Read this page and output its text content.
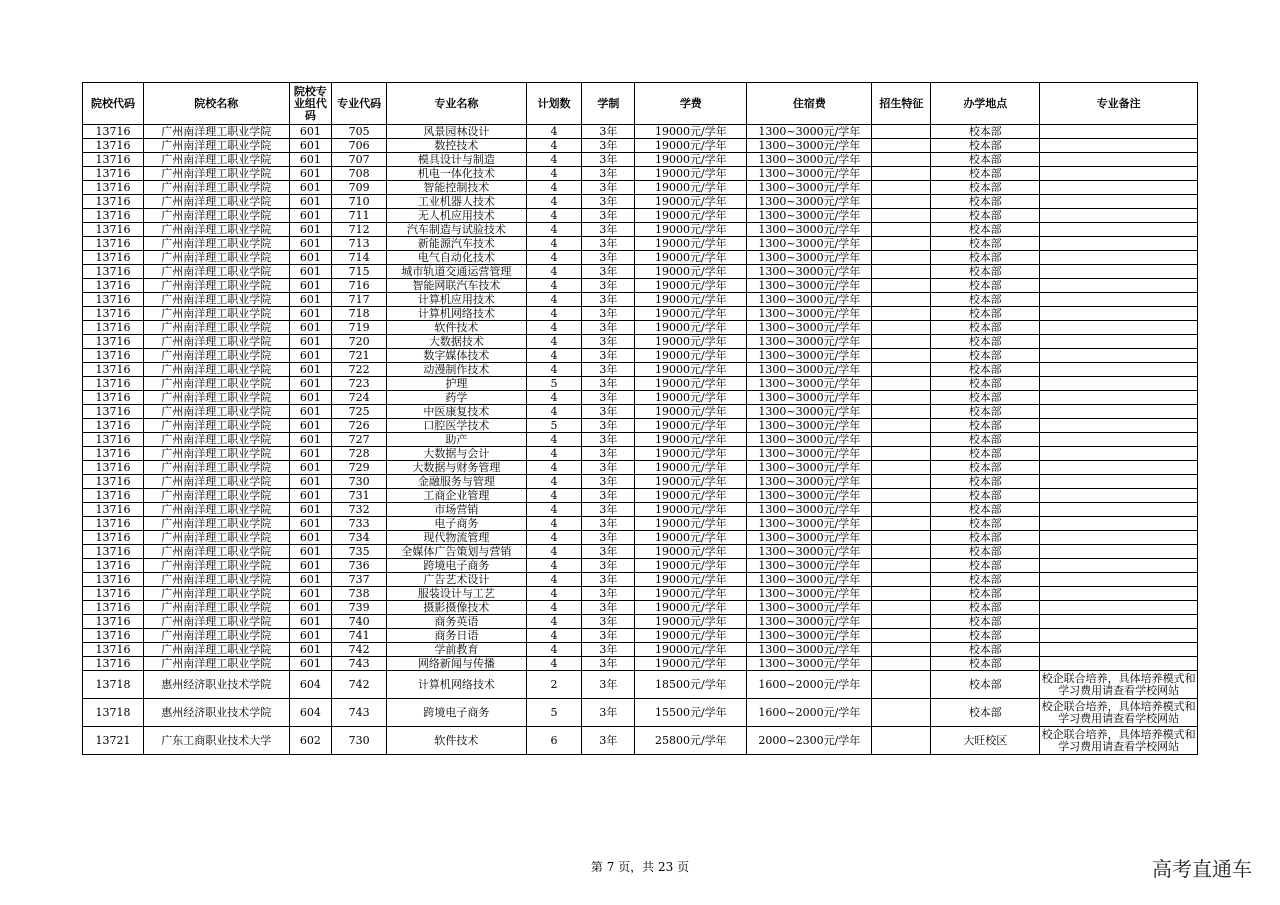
院校代码	院校名称	院校专业组代码	专业代码	专业名称	计划数	学制	学费	住宿费	招生特征	办学地点	专业备注
13716	广州南洋理工职业学院	601	705	风景园林设计	4	3年	19000元/学年	1300~3000元/学年		校本部	
13716	广州南洋理工职业学院	601	706	数控技术	4	3年	19000元/学年	1300~3000元/学年		校本部	
13716	广州南洋理工职业学院	601	707	模具设计与制造	4	3年	19000元/学年	1300~3000元/学年		校本部	
13716	广州南洋理工职业学院	601	708	机电一体化技术	4	3年	19000元/学年	1300~3000元/学年		校本部	
13716	广州南洋理工职业学院	601	709	智能控制技术	4	3年	19000元/学年	1300~3000元/学年		校本部	
13716	广州南洋理工职业学院	601	710	工业机器人技术	4	3年	19000元/学年	1300~3000元/学年		校本部	
13716	广州南洋理工职业学院	601	711	无人机应用技术	4	3年	19000元/学年	1300~3000元/学年		校本部	
13716	广州南洋理工职业学院	601	712	汽车制造与试验技术	4	3年	19000元/学年	1300~3000元/学年		校本部	
13716	广州南洋理工职业学院	601	713	新能源汽车技术	4	3年	19000元/学年	1300~3000元/学年		校本部	
13716	广州南洋理工职业学院	601	714	电气自动化技术	4	3年	19000元/学年	1300~3000元/学年		校本部	
13716	广州南洋理工职业学院	601	715	城市轨道交通运营管理	4	3年	19000元/学年	1300~3000元/学年		校本部	
13716	广州南洋理工职业学院	601	716	智能网联汽车技术	4	3年	19000元/学年	1300~3000元/学年		校本部	
13716	广州南洋理工职业学院	601	717	计算机应用技术	4	3年	19000元/学年	1300~3000元/学年		校本部	
13716	广州南洋理工职业学院	601	718	计算机网络技术	4	3年	19000元/学年	1300~3000元/学年		校本部	
13716	广州南洋理工职业学院	601	719	软件技术	4	3年	19000元/学年	1300~3000元/学年		校本部	
13716	广州南洋理工职业学院	601	720	大数据技术	4	3年	19000元/学年	1300~3000元/学年		校本部	
13716	广州南洋理工职业学院	601	721	数字媒体技术	4	3年	19000元/学年	1300~3000元/学年		校本部	
13716	广州南洋理工职业学院	601	722	动漫制作技术	4	3年	19000元/学年	1300~3000元/学年		校本部	
13716	广州南洋理工职业学院	601	723	护理	5	3年	19000元/学年	1300~3000元/学年		校本部	
13716	广州南洋理工职业学院	601	724	药学	4	3年	19000元/学年	1300~3000元/学年		校本部	
13716	广州南洋理工职业学院	601	725	中医康复技术	4	3年	19000元/学年	1300~3000元/学年		校本部	
13716	广州南洋理工职业学院	601	726	口腔医学技术	5	3年	19000元/学年	1300~3000元/学年		校本部	
13716	广州南洋理工职业学院	601	727	助产	4	3年	19000元/学年	1300~3000元/学年		校本部	
13716	广州南洋理工职业学院	601	728	大数据与会计	4	3年	19000元/学年	1300~3000元/学年		校本部	
13716	广州南洋理工职业学院	601	729	大数据与财务管理	4	3年	19000元/学年	1300~3000元/学年		校本部	
13716	广州南洋理工职业学院	601	730	金融服务与管理	4	3年	19000元/学年	1300~3000元/学年		校本部	
13716	广州南洋理工职业学院	601	731	工商企业管理	4	3年	19000元/学年	1300~3000元/学年		校本部	
13716	广州南洋理工职业学院	601	732	市场营销	4	3年	19000元/学年	1300~3000元/学年		校本部	
13716	广州南洋理工职业学院	601	733	电子商务	4	3年	19000元/学年	1300~3000元/学年		校本部	
13716	广州南洋理工职业学院	601	734	现代物流管理	4	3年	19000元/学年	1300~3000元/学年		校本部	
13716	广州南洋理工职业学院	601	735	全媒体广告策划与营销	4	3年	19000元/学年	1300~3000元/学年		校本部	
13716	广州南洋理工职业学院	601	736	跨境电子商务	4	3年	19000元/学年	1300~3000元/学年		校本部	
13716	广州南洋理工职业学院	601	737	广告艺术设计	4	3年	19000元/学年	1300~3000元/学年		校本部	
13716	广州南洋理工职业学院	601	738	服装设计与工艺	4	3年	19000元/学年	1300~3000元/学年		校本部	
13716	广州南洋理工职业学院	601	739	摄影摄像技术	4	3年	19000元/学年	1300~3000元/学年		校本部	
13716	广州南洋理工职业学院	601	740	商务英语	4	3年	19000元/学年	1300~3000元/学年		校本部	
13716	广州南洋理工职业学院	601	741	商务日语	4	3年	19000元/学年	1300~3000元/学年		校本部	
13716	广州南洋理工职业学院	601	742	学前教育	4	3年	19000元/学年	1300~3000元/学年		校本部	
13716	广州南洋理工职业学院	601	743	网络新闻与传播	4	3年	19000元/学年	1300~3000元/学年		校本部	
13718	惠州经济职业技术学院	604	742	计算机网络技术	2	3年	18500元/学年	1600~2000元/学年		校本部	校企联合培养，具体培养模式和学习费用请查看学校网站
13718	惠州经济职业技术学院	604	743	跨境电子商务	5	3年	15500元/学年	1600~2000元/学年		校本部	校企联合培养，具体培养模式和学习费用请查看学校网站
13721	广东工商职业技术大学	602	730	软件技术	6	3年	25800元/学年	2000~2300元/学年		大旺校区	校企联合培养，具体培养模式和学习费用请查看学校网站
第 7 页，共 23 页	高考直通车
